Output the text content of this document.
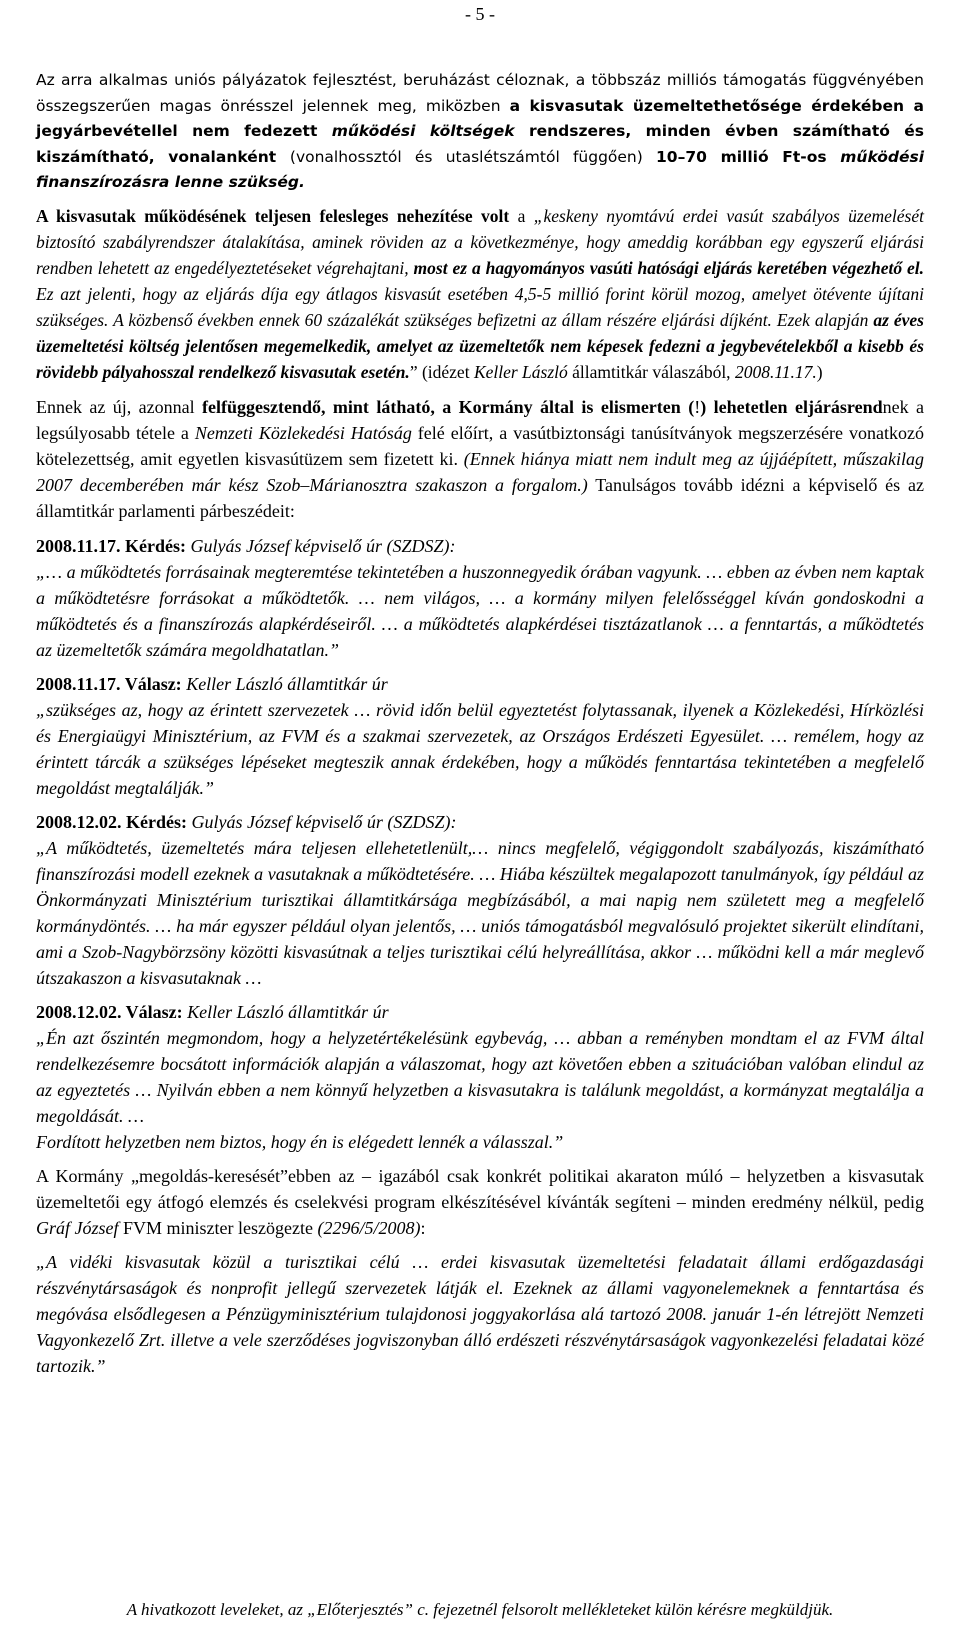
- 5 -

Az arra alkalmas uniós pályázatok fejlesztést, beruházást céloznak, a többszáz milliós támogatás függvényében összegszerűen magas önrésszel jelennek meg, miközben a kisvasutak üzemeltethetősége érdekében a jegyárbevétellel nem fedezett működési költségek rendszeres, minden évben számítható és kiszámítható, vonalanként (vonalhossztól és utaslétszámtól függően) 10–70 millió Ft-os működési finanszírozásra lenne szükség.

A kisvasutak működésének teljesen felesleges nehezítése volt a „keskeny nyomtávú erdei vasút szabályos üzemelését biztosító szabályrendszer átalakítása, aminek röviden az a következménye, hogy ameddig korábban egy egyszerű eljárási rendben lehetett az engedélyeztetéseket végrehajtani, most ez a hagyományos vasúti hatósági eljárás keretében végezhető el. Ez azt jelenti, hogy az eljárás díja egy átlagos kisvasút esetében 4,5-5 millió forint körül mozog, amelyet ötévente újítani szükséges. A közbenső években ennek 60 százalékát szükséges befizetni az állam részére eljárási díjként. Ezek alapján az éves üzemeltetési költség jelentősen megemelkedik, amelyet az üzemeltetők nem képesek fedezni a jegybevételekből a kisebb és rövidebb pályahosszal rendelkező kisvasutak esetén.” (idézet Keller László államtitkár válaszából, 2008.11.17.)

Ennek az új, azonnal felfüggesztendő, mint látható, a Kormány által is elismerten (!) lehetetlen eljárásrendnek a legsúlyosabb tétele a Nemzeti Közlekedési Hatóság felé előírt, a vasútbiztonsági tanúsítványok megszerzésére vonatkozó kötelezettség, amit egyetlen kisvasútüzem sem fizetett ki. (Ennek hiánya miatt nem indult meg az újjáépített, műszakilag 2007 decemberében már kész Szob–Márianosztra szakaszon a forgalom.) Tanulságos tovább idézni a képviselő és az államtitkár parlamenti párbeszédeit:

2008.11.17. Kérdés: Gulyás József képviselő úr (SZDSZ):

„… a működtetés forrásainak megteremtése tekintetében a huszonnegyedik órában vagyunk. … ebben az évben nem kaptak a működtetésre forrásokat a működtetők. … nem világos, … a kormány milyen felelősséggel kíván gondoskodni a működtetés és a finanszírozás alapkérdéseiről. … a működtetés alapkérdései tisztázatlanok … a fenntartás, a működtetés az üzemeltetők számára megoldhatatlan.”

2008.11.17. Válasz: Keller László államtitkár úr

„szükséges az, hogy az érintett szervezetek … rövid időn belül egyeztetést folytassanak, ilyenek a Közlekedési, Hírközlési és Energiaügyi Minisztérium, az FVM és a szakmai szervezetek, az Országos Erdészeti Egyesület. … remélem, hogy az érintett tárcák a szükséges lépéseket megteszik annak érdekében, hogy a működés fenntartása tekintetében a megfelelő megoldást megtalálják.”

2008.12.02. Kérdés: Gulyás József képviselő úr (SZDSZ):

„A működtetés, üzemeltetés mára teljesen ellehetetlenült,… nincs megfelelő, végiggondolt szabályozás, kiszámítható finanszírozási modell ezeknek a vasutaknak a működtetésére. … Hiába készültek megalapozott tanulmányok, így például az Önkormányzati Minisztérium turisztikai államtitkársága megbízásából, a mai napig nem született meg a megfelelő kormánydöntés. … ha már egyszer például olyan jelentős, … uniós támogatásból megvalósuló projektet sikerült elindítani, ami a Szob-Nagybörzsöny közötti kisvasútnak a teljes turisztikai célú helyreállítása, akkor … működni kell a már meglevő útszakaszon a kisvasutaknak …

2008.12.02. Válasz: Keller László államtitkár úr

„Én azt őszintén megmondom, hogy a helyzetértékelésünk egybevág, … abban a reményben mondtam el az FVM által rendelkezésemre bocsátott információk alapján a válaszomat, hogy azt követően ebben a szituációban valóban elindul az az egyeztetés … Nyilván ebben a nem könnyű helyzetben a kisvasutakra is találunk megoldást, a kormányzat megtalálja a megoldását. …

Fordított helyzetben nem biztos, hogy én is elégedett lennék a válasszal.”

A Kormány „megoldás-keresését”ebben az – igazából csak konkrét politikai akaraton múló – helyzetben a kisvasutak üzemeltetői egy átfogó elemzés és cselekvési program elkészítésével kívánták segíteni – minden eredmény nélkül, pedig Gráf József FVM miniszter leszögezte (2296/5/2008):

„A vidéki kisvasutak közül a turisztikai célú … erdei kisvasutak üzemeltetési feladatait állami erdőgazdasági részvénytársaságok és nonprofit jellegű szervezetek látják el. Ezeknek az állami vagyonelemeknek a fenntartása és megóvása elsődlegesen a Pénzügyminisztérium tulajdonosi joggyakorlása alá tartozó 2008. január 1-én létrejött Nemzeti Vagyonkezelő Zrt. illetve a vele szerződéses jogviszonyban álló erdészeti részvénytársaságok vagyonkezelési feladatai közé tartozik.”

A hivatkozott leveleket, az „Előterjesztés” c. fejezetnél felsorolt mellékleteket külön kérésre megküldjük.
